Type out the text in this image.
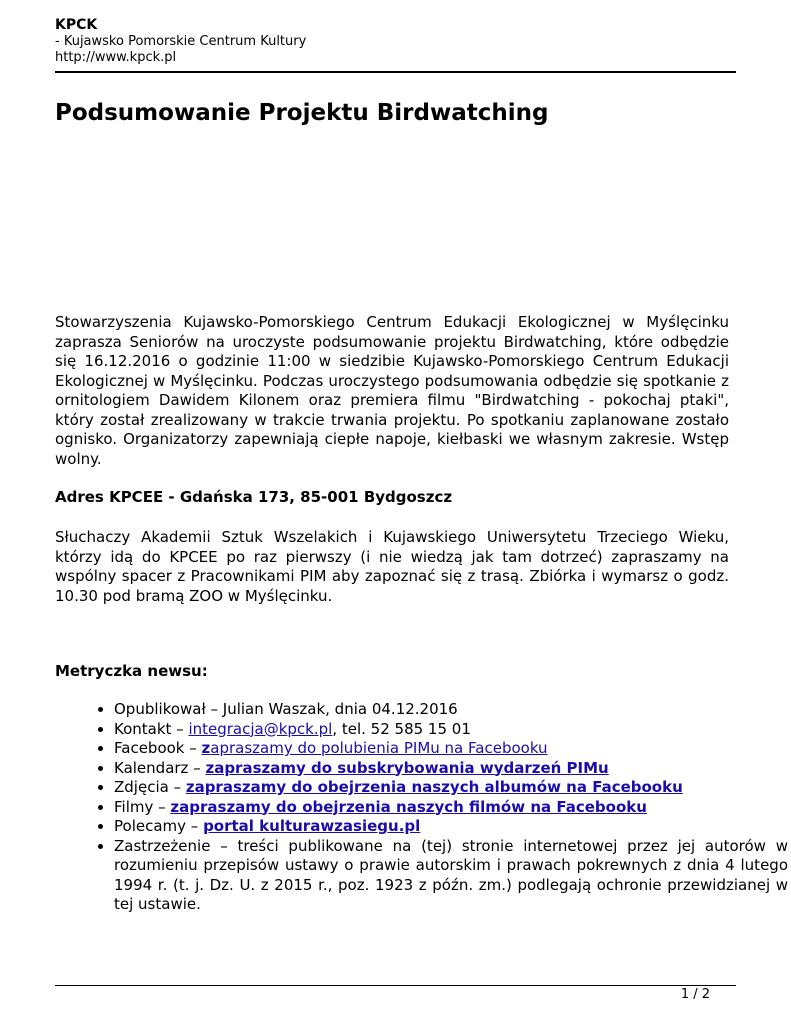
KPCK
- Kujawsko Pomorskie Centrum Kultury
http://www.kpck.pl
Podsumowanie Projektu Birdwatching
Stowarzyszenia Kujawsko-Pomorskiego Centrum Edukacji Ekologicznej w Myślęcinku zaprasza Seniorów na uroczyste podsumowanie projektu Birdwatching, które odbędzie się 16.12.2016 o godzinie 11:00 w siedzibie Kujawsko-Pomorskiego Centrum Edukacji Ekologicznej w Myślęcinku. Podczas uroczystego podsumowania odbędzie się spotkanie z ornitologiem Dawidem Kilonem oraz premiera filmu "Birdwatching - pokochaj ptaki", który został zrealizowany w trakcie trwania projektu. Po spotkaniu zaplanowane zostało ognisko. Organizatorzy zapewniają ciepłe napoje, kiełbaski we własnym zakresie. Wstęp wolny.
Adres KPCEE - Gdańska 173, 85-001 Bydgoszcz
Słuchaczy Akademii Sztuk Wszelakich i Kujawskiego Uniwersytetu Trzeciego Wieku, którzy idą do KPCEE po raz pierwszy (i nie wiedzą jak tam dotrzeć) zapraszamy na wspólny spacer z Pracownikami PIM aby zapoznać się z trasą. Zbiórka i wymarsz o godz. 10.30 pod bramą ZOO w Myślęcinku.
Metryczka newsu:
• Opublikował – Julian Waszak, dnia 04.12.2016
• Kontakt – integracja@kpck.pl, tel. 52 585 15 01
• Facebook – zapraszamy do polubienia PIMu na Facebooku
• Kalendarz – zapraszamy do subskrybowania wydarzeń PIMu
• Zdjęcia – zapraszamy do obejrzenia naszych albumów na Facebooku
• Filmy – zapraszamy do obejrzenia naszych filmów na Facebooku
• Polecamy – portal kulturawzasiegu.pl
• Zastrzeżenie – treści publikowane na (tej) stronie internetowej przez jej autorów w rozumieniu przepisów ustawy o prawie autorskim i prawach pokrewnych z dnia 4 lutego 1994 r. (t. j. Dz. U. z 2015 r., poz. 1923 z późn. zm.) podlegają ochronie przewidzianej w tej ustawie.
1 / 2
